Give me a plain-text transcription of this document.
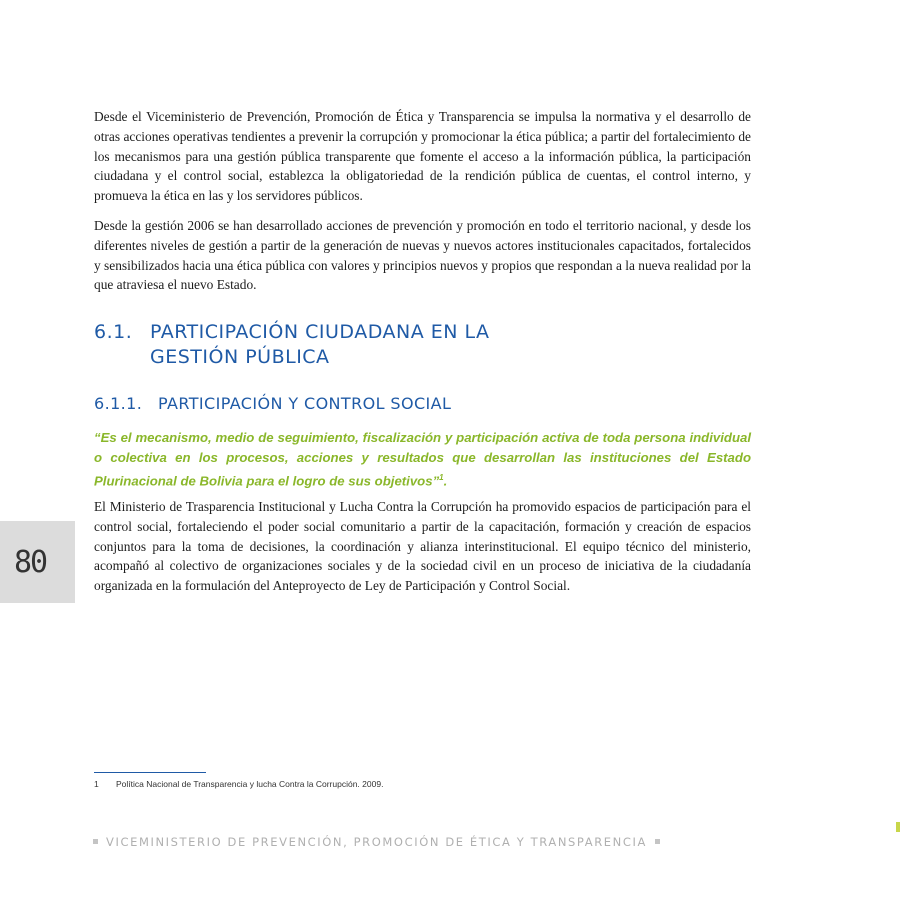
Desde el Viceministerio de Prevención, Promoción de Ética y Transparencia se impulsa la normativa y el desarrollo de otras acciones operativas tendientes a prevenir la corrupción y promocionar la ética pública; a partir del fortalecimiento de los mecanismos para una gestión pública transparente que fomente el acceso a la información pública, la participación ciudadana y el control social, establezca la obligatoriedad de la rendición pública de cuentas, el control interno, y promueva la ética en las y los servidores públicos.

Desde la gestión 2006 se han desarrollado acciones de prevención y promoción en todo el territorio nacional, y desde los diferentes niveles de gestión a partir de la generación de nuevas y nuevos actores institucionales capacitados, fortalecidos y sensibilizados hacia una ética pública con valores y principios nuevos y propios que respondan a la nueva realidad por la que atraviesa el nuevo Estado.

6.1. PARTICIPACIÓN CIUDADANA EN LA GESTIÓN PÚBLICA
6.1.1. PARTICIPACIÓN Y CONTROL SOCIAL

“Es el mecanismo, medio de seguimiento, fiscalización y participación activa de toda persona individual o colectiva en los procesos, acciones y resultados que desarrollan las instituciones del Estado Plurinacional de Bolivia para el logro de sus objetivos”$^1$.

El Ministerio de Trasparencia Institucional y Lucha Contra la Corrupción ha promovido espacios de participación para el control social, fortaleciendo el poder social comunitario a partir de la capacitación, formación y creación de espacios conjuntos para la toma de decisiones, la coordinación y alianza interinstitucional. El equipo técnico del ministerio, acompañó al colectivo de organizaciones sociales y de la sociedad civil en un proceso de iniciativa de la ciudadanía organizada en la formulación del Anteproyecto de Ley de Participación y Control Social.

80
1 Política Nacional de Transparencia y lucha Contra la Corrupción. 2009.
VICEMINISTERIO DE PREVENCIÓN, PROMOCIÓN DE ÉTICA Y TRANSPARENCIA
